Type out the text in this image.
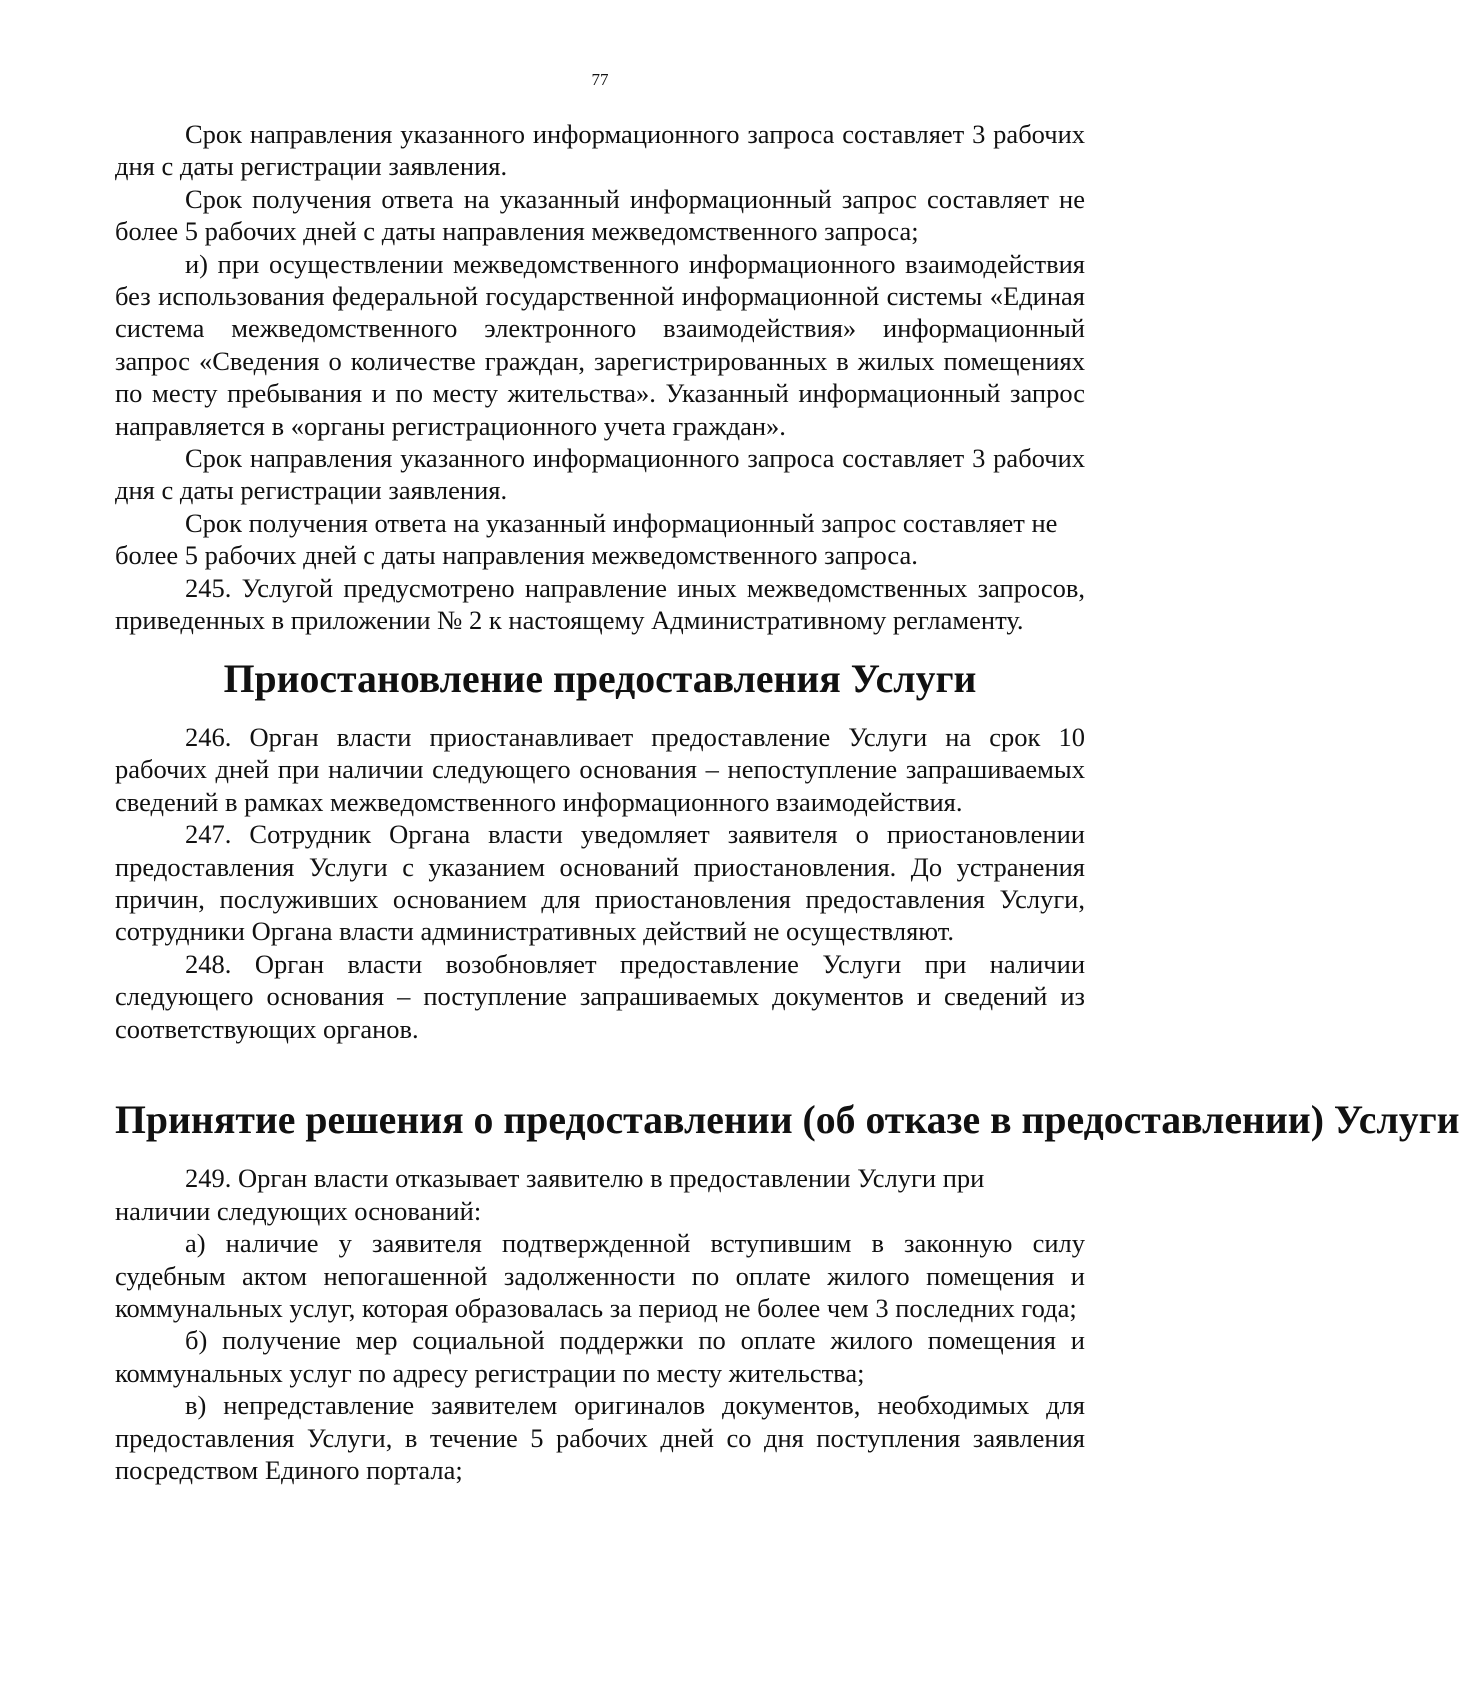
77

Срок направления указанного информационного запроса составляет 3 рабочих дня с даты регистрации заявления.

Срок получения ответа на указанный информационный запрос составляет не более 5 рабочих дней с даты направления межведомственного запроса;

и) при осуществлении межведомственного информационного взаимодействия без использования федеральной государственной информационной системы «Единая система межведомственного электронного взаимодействия» информационный запрос «Сведения о количестве граждан, зарегистрированных в жилых помещениях по месту пребывания и по месту жительства». Указанный информационный запрос направляется в «органы регистрационного учета граждан».

Срок направления указанного информационного запроса составляет 3 рабочих дня с даты регистрации заявления.

Срок получения ответа на указанный информационный запрос составляет не более 5 рабочих дней с даты направления межведомственного запроса.

245. Услугой предусмотрено направление иных межведомственных запросов, приведенных в приложении № 2 к настоящему Административному регламенту.

Приостановление предоставления Услуги

246. Орган власти приостанавливает предоставление Услуги на срок 10 рабочих дней при наличии следующего основания – непоступление запрашиваемых сведений в рамках межведомственного информационного взаимодействия.

247. Сотрудник Органа власти уведомляет заявителя о приостановлении предоставления Услуги с указанием оснований приостановления. До устранения причин, послуживших основанием для приостановления предоставления Услуги, сотрудники Органа власти административных действий не осуществляют.

248. Орган власти возобновляет предоставление Услуги при наличии следующего основания – поступление запрашиваемых документов и сведений из соответствующих органов.

Принятие решения о предоставлении (об отказе в предоставлении) Услуги

249. Орган власти отказывает заявителю в предоставлении Услуги при наличии следующих оснований:

а) наличие у заявителя подтвержденной вступившим в законную силу судебным актом непогашенной задолженности по оплате жилого помещения и коммунальных услуг, которая образовалась за период не более чем 3 последних года;

б) получение мер социальной поддержки по оплате жилого помещения и коммунальных услуг по адресу регистрации по месту жительства;

в) непредставление заявителем оригиналов документов, необходимых для предоставления Услуги, в течение 5 рабочих дней со дня поступления заявления посредством Единого портала;
